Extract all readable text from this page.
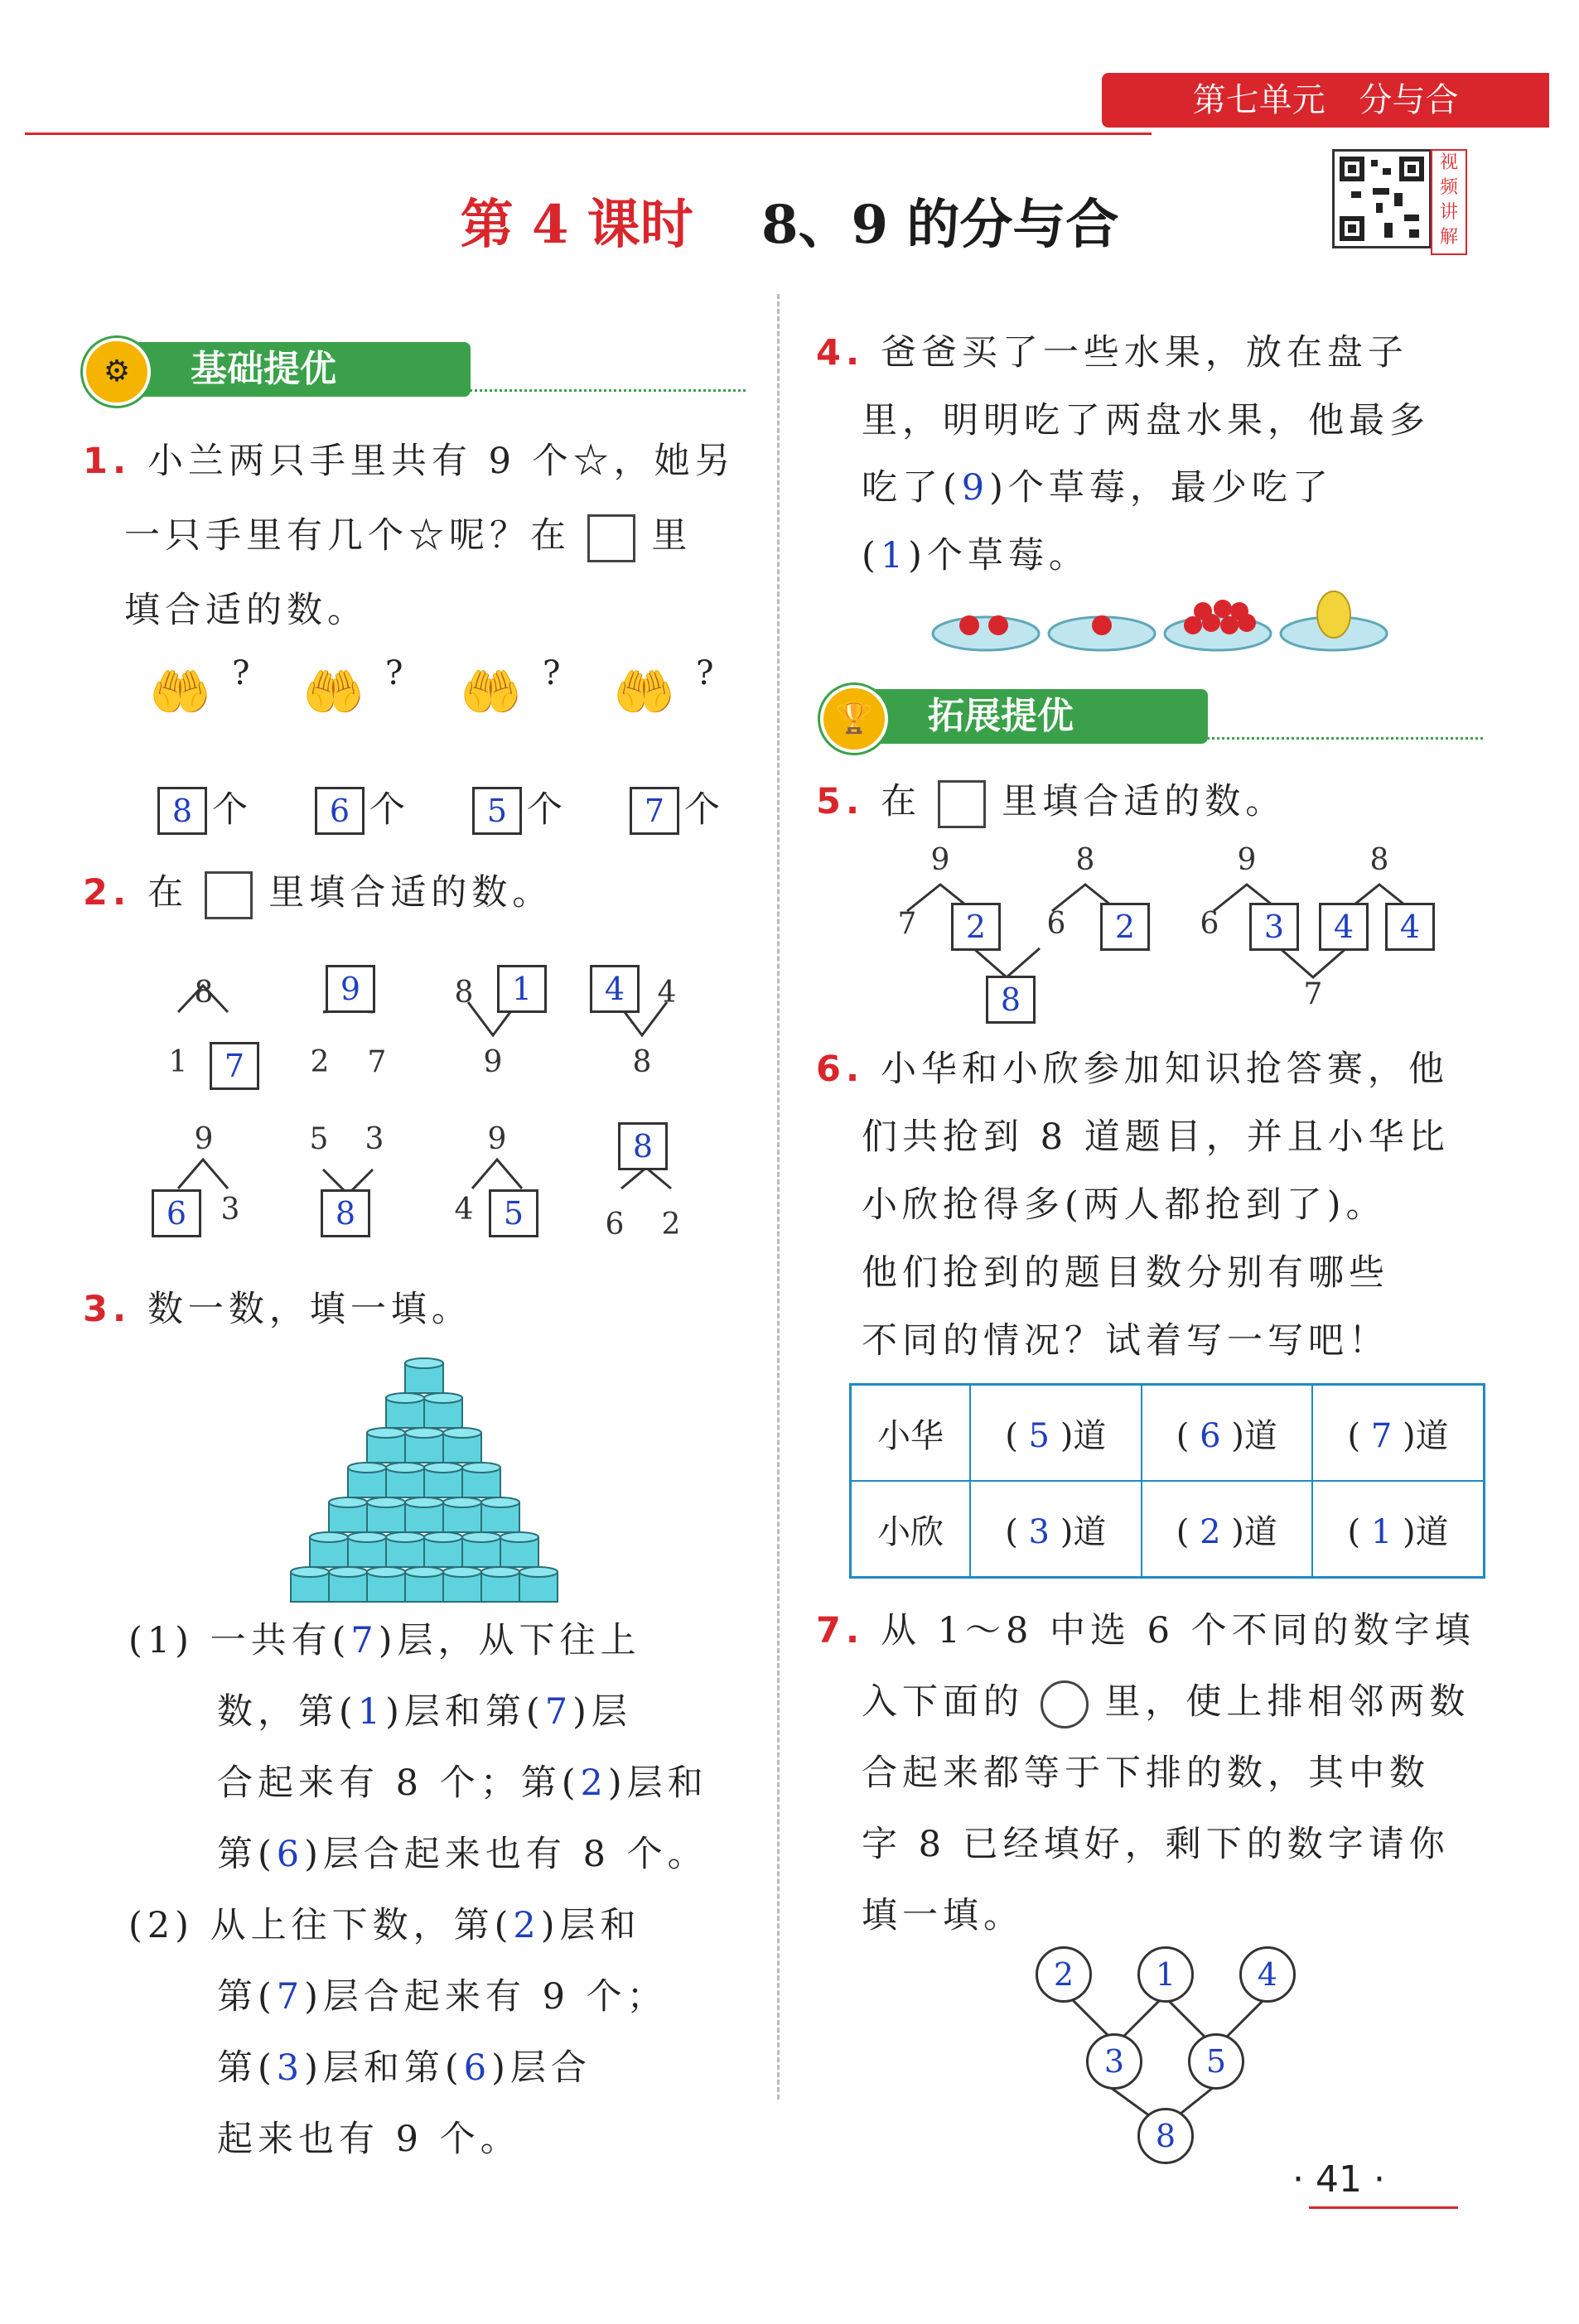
第七单元 分与合
第 4 课时 8、9 的分与合
视频讲解
基础提优
⚙
1. 小兰两只手里共有 9 个☆，她另
一只手里有几个☆呢？在 里
填合适的数。
🤲 ? 🤲 ? 🤲 ? 🤲 ?
8 个	6 个	5 个	7 个
2. 在 里填合适的数。
8
1	7
9
2 7
8	1
9
4	4
8
9
6	3
5 3
8
9
4 5
8
6 2
3. 数一数，填一填。
(1) 一共有(7)层，从下往上
数，第(1)层和第(7)层
合起来有 8 个；第(2)层和
第(6)层合起来也有 8 个。
(2) 从上往下数，第(2)层和
第(7)层合起来有 9 个；
第(3)层和第(6)层合
起来也有 9 个。
4. 爸爸买了一些水果，放在盘子
里，明明吃了两盘水果，他最多
吃了(9)个草莓，最少吃了
(1)个草莓。
拓展提优
🏆
5. 在 里填合适的数。
9	8
7	2	6	2
8
9	8
6	3	4	4
7
6. 小华和小欣参加知识抢答赛，他
们共抢到 8 道题目，并且小华比
小欣抢得多(两人都抢到了)。
他们抢到的题目数分别有哪些
不同的情况？试着写一写吧！
小华	( 5 )道	( 6 )道	( 7 )道
小欣	( 3 )道	( 2 )道	( 1 )道
7. 从 1～8 中选 6 个不同的数字填
入下面的 里，使上排相邻两数
合起来都等于下排的数，其中数
字 8 已经填好，剩下的数字请你
填一填。
2	1	4
3	5
8
· 41 ·
